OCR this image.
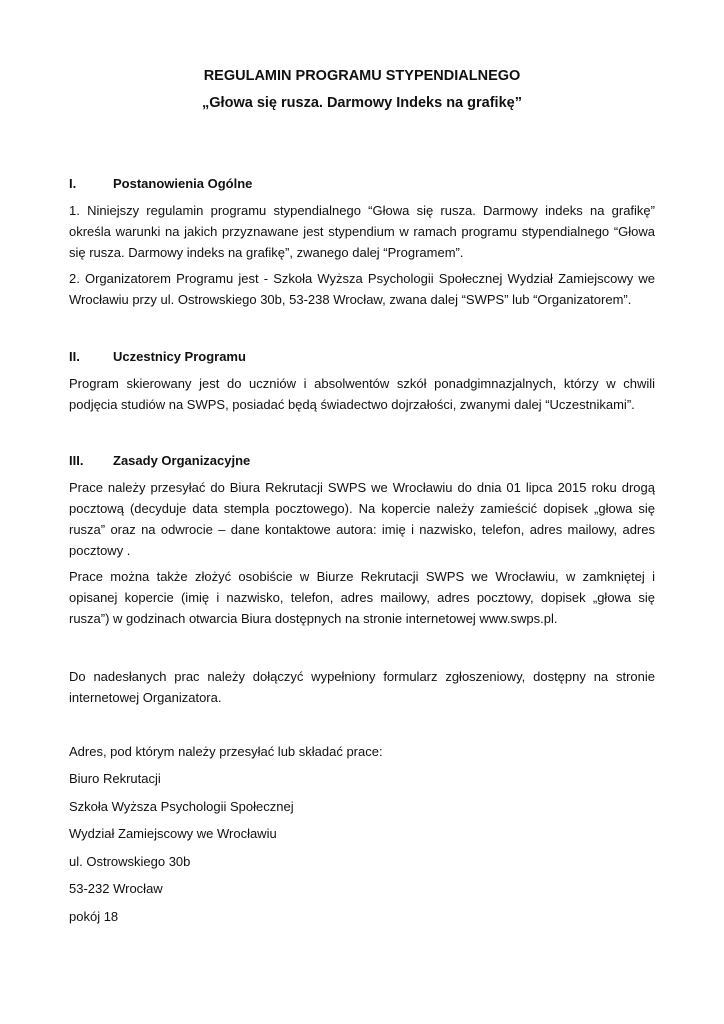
REGULAMIN PROGRAMU STYPENDIALNEGO
„Głowa się rusza. Darmowy Indeks na grafikę”
I.	Postanowienia Ogólne
1. Niniejszy regulamin programu stypendialnego “Głowa się rusza. Darmowy indeks na grafikę” określa warunki na jakich przyznawane jest stypendium w ramach programu stypendialnego “Głowa się rusza. Darmowy indeks na grafikę”, zwanego dalej “Programem”.
2. Organizatorem Programu jest - Szkoła Wyższa Psychologii Społecznej Wydział Zamiejscowy we Wrocławiu przy ul. Ostrowskiego 30b, 53-238 Wrocław, zwana dalej “SWPS” lub “Organizatorem”.
II.	Uczestnicy Programu
Program skierowany jest do uczniów i absolwentów szkół ponadgimnazjalnych, którzy w chwili podjęcia studiów na SWPS, posiadać będą świadectwo dojrzałości, zwanymi dalej “Uczestnikami”.
III. Zasady Organizacyjne
Prace należy przesyłać do Biura Rekrutacji SWPS we Wrocławiu do dnia 01 lipca 2015 roku drogą pocztową (decyduje data stempla pocztowego). Na kopercie należy zamieścić dopisek „głowa się rusza” oraz na odwrocie – dane kontaktowe autora: imię i nazwisko, telefon, adres mailowy, adres pocztowy .
Prace można także złożyć osobiście w Biurze Rekrutacji SWPS we Wrocławiu, w zamkniętej i opisanej kopercie (imię i nazwisko, telefon, adres mailowy, adres pocztowy, dopisek „głowa się rusza”) w godzinach otwarcia Biura dostępnych na stronie internetowej www.swps.pl.
Do nadesłanych prac należy dołączyć wypełniony formularz zgłoszeniowy, dostępny na stronie internetowej Organizatora.
Adres, pod którym należy przesyłać lub składać prace:
Biuro Rekrutacji
Szkoła Wyższa Psychologii Społecznej
Wydział Zamiejscowy we Wrocławiu
ul. Ostrowskiego 30b
53-232 Wrocław
pokój 18
